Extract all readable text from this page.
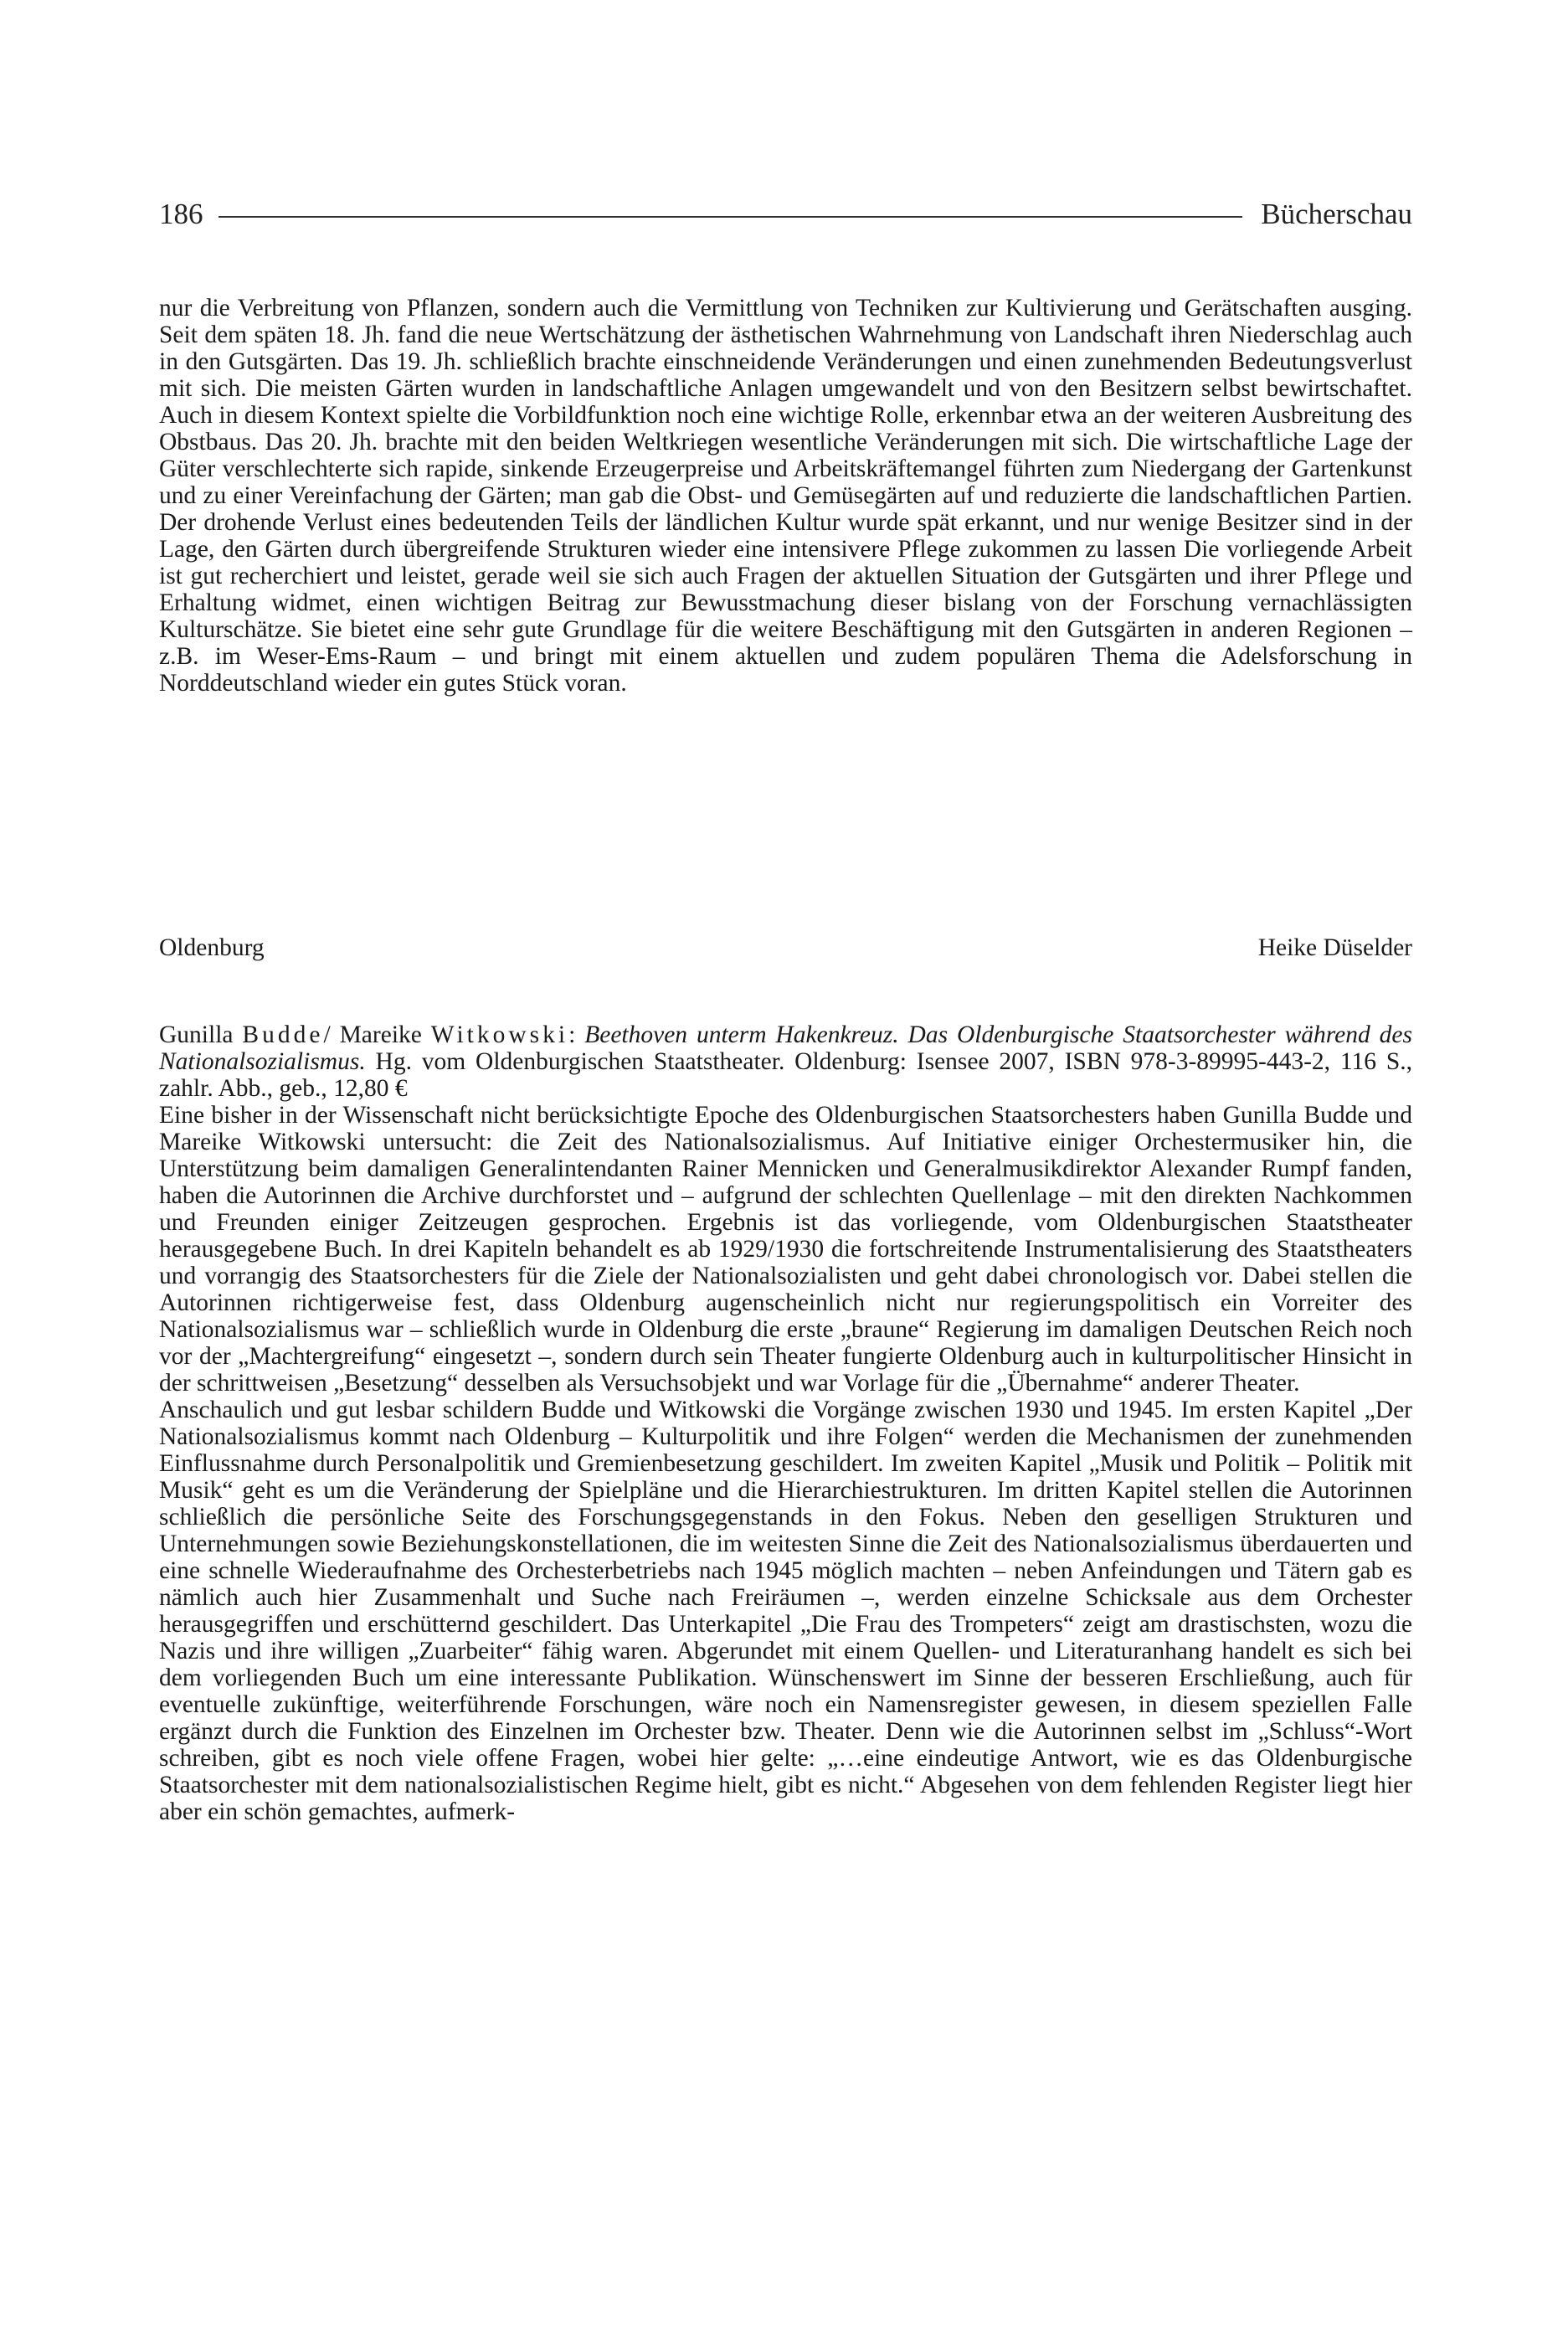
186	Bücherschau

nur die Verbreitung von Pflanzen, sondern auch die Vermittlung von Techniken zur Kultivierung und Gerätschaften ausging. Seit dem späten 18. Jh. fand die neue Wertschätzung der ästhetischen Wahrnehmung von Landschaft ihren Niederschlag auch in den Gutsgärten. Das 19. Jh. schließlich brachte einschneidende Veränderungen und einen zunehmenden Bedeutungsverlust mit sich. Die meisten Gärten wurden in landschaftliche Anlagen umgewandelt und von den Besitzern selbst bewirtschaftet. Auch in diesem Kontext spielte die Vorbildfunktion noch eine wichtige Rolle, erkennbar etwa an der weiteren Ausbreitung des Obstbaus. Das 20. Jh. brachte mit den beiden Weltkriegen wesentliche Veränderungen mit sich. Die wirtschaftliche Lage der Güter verschlechterte sich rapide, sinkende Erzeugerpreise und Arbeitskräftemangel führten zum Niedergang der Gartenkunst und zu einer Vereinfachung der Gärten; man gab die Obst- und Gemüsegärten auf und reduzierte die landschaftlichen Partien. Der drohende Verlust eines bedeutenden Teils der ländlichen Kultur wurde spät erkannt, und nur wenige Besitzer sind in der Lage, den Gärten durch übergreifende Strukturen wieder eine intensivere Pflege zukommen zu lassen Die vorliegende Arbeit ist gut recherchiert und leistet, gerade weil sie sich auch Fragen der aktuellen Situation der Gutsgärten und ihrer Pflege und Erhaltung widmet, einen wichtigen Beitrag zur Bewusstmachung dieser bislang von der Forschung vernachlässigten Kulturschätze. Sie bietet eine sehr gute Grundlage für die weitere Beschäftigung mit den Gutsgärten in anderen Regionen – z.B. im Weser-Ems-Raum – und bringt mit einem aktuellen und zudem populären Thema die Adelsforschung in Norddeutschland wieder ein gutes Stück voran.

Oldenburg	Heike Düselder

Gunilla Budde/ Mareike Witkowski: Beethoven unterm Hakenkreuz. Das Oldenburgische Staatsorchester während des Nationalsozialismus. Hg. vom Oldenburgischen Staatstheater. Oldenburg: Isensee 2007, ISBN 978-3-89995-443-2, 116 S., zahlr. Abb., geb., 12,80 €

Eine bisher in der Wissenschaft nicht berücksichtigte Epoche des Oldenburgischen Staatsorchesters haben Gunilla Budde und Mareike Witkowski untersucht: die Zeit des Nationalsozialismus. Auf Initiative einiger Orchestermusiker hin, die Unterstützung beim damaligen Generalintendanten Rainer Mennicken und Generalmusikdirektor Alexander Rumpf fanden, haben die Autorinnen die Archive durchforstet und – aufgrund der schlechten Quellenlage – mit den direkten Nachkommen und Freunden einiger Zeitzeugen gesprochen. Ergebnis ist das vorliegende, vom Oldenburgischen Staatstheater herausgegebene Buch. In drei Kapiteln behandelt es ab 1929/1930 die fortschreitende Instrumentalisierung des Staatstheaters und vorrangig des Staatsorchesters für die Ziele der Nationalsozialisten und geht dabei chronologisch vor. Dabei stellen die Autorinnen richtigerweise fest, dass Oldenburg augenscheinlich nicht nur regierungspolitisch ein Vorreiter des Nationalsozialismus war – schließlich wurde in Oldenburg die erste „braune“ Regierung im damaligen Deutschen Reich noch vor der „Machtergreifung“ eingesetzt –, sondern durch sein Theater fungierte Oldenburg auch in kulturpolitischer Hinsicht in der schrittweisen „Besetzung“ desselben als Versuchsobjekt und war Vorlage für die „Übernahme“ anderer Theater.

Anschaulich und gut lesbar schildern Budde und Witkowski die Vorgänge zwischen 1930 und 1945. Im ersten Kapitel „Der Nationalsozialismus kommt nach Oldenburg – Kulturpolitik und ihre Folgen“ werden die Mechanismen der zunehmenden Einflussnahme durch Personalpolitik und Gremienbesetzung geschildert. Im zweiten Kapitel „Musik und Politik – Politik mit Musik“ geht es um die Veränderung der Spielpläne und die Hierarchiestrukturen. Im dritten Kapitel stellen die Autorinnen schließlich die persönliche Seite des Forschungsgegenstands in den Fokus. Neben den geselligen Strukturen und Unternehmungen sowie Beziehungskonstellationen, die im weitesten Sinne die Zeit des Nationalsozialismus überdauerten und eine schnelle Wiederaufnahme des Orchesterbetriebs nach 1945 möglich machten – neben Anfeindungen und Tätern gab es nämlich auch hier Zusammenhalt und Suche nach Freiräumen –, werden einzelne Schicksale aus dem Orchester herausgegriffen und erschütternd geschildert. Das Unterkapitel „Die Frau des Trompeters“ zeigt am drastischsten, wozu die Nazis und ihre willigen „Zuarbeiter“ fähig waren. Abgerundet mit einem Quellen- und Literaturanhang handelt es sich bei dem vorliegenden Buch um eine interessante Publikation. Wünschenswert im Sinne der besseren Erschließung, auch für eventuelle zukünftige, weiterführende Forschungen, wäre noch ein Namensregister gewesen, in diesem speziellen Falle ergänzt durch die Funktion des Einzelnen im Orchester bzw. Theater. Denn wie die Autorinnen selbst im „Schluss“-Wort schreiben, gibt es noch viele offene Fragen, wobei hier gelte: „…eine eindeutige Antwort, wie es das Oldenburgische Staatsorchester mit dem nationalsozialistischen Regime hielt, gibt es nicht.“ Abgesehen von dem fehlenden Register liegt hier aber ein schön gemachtes, aufmerk-
